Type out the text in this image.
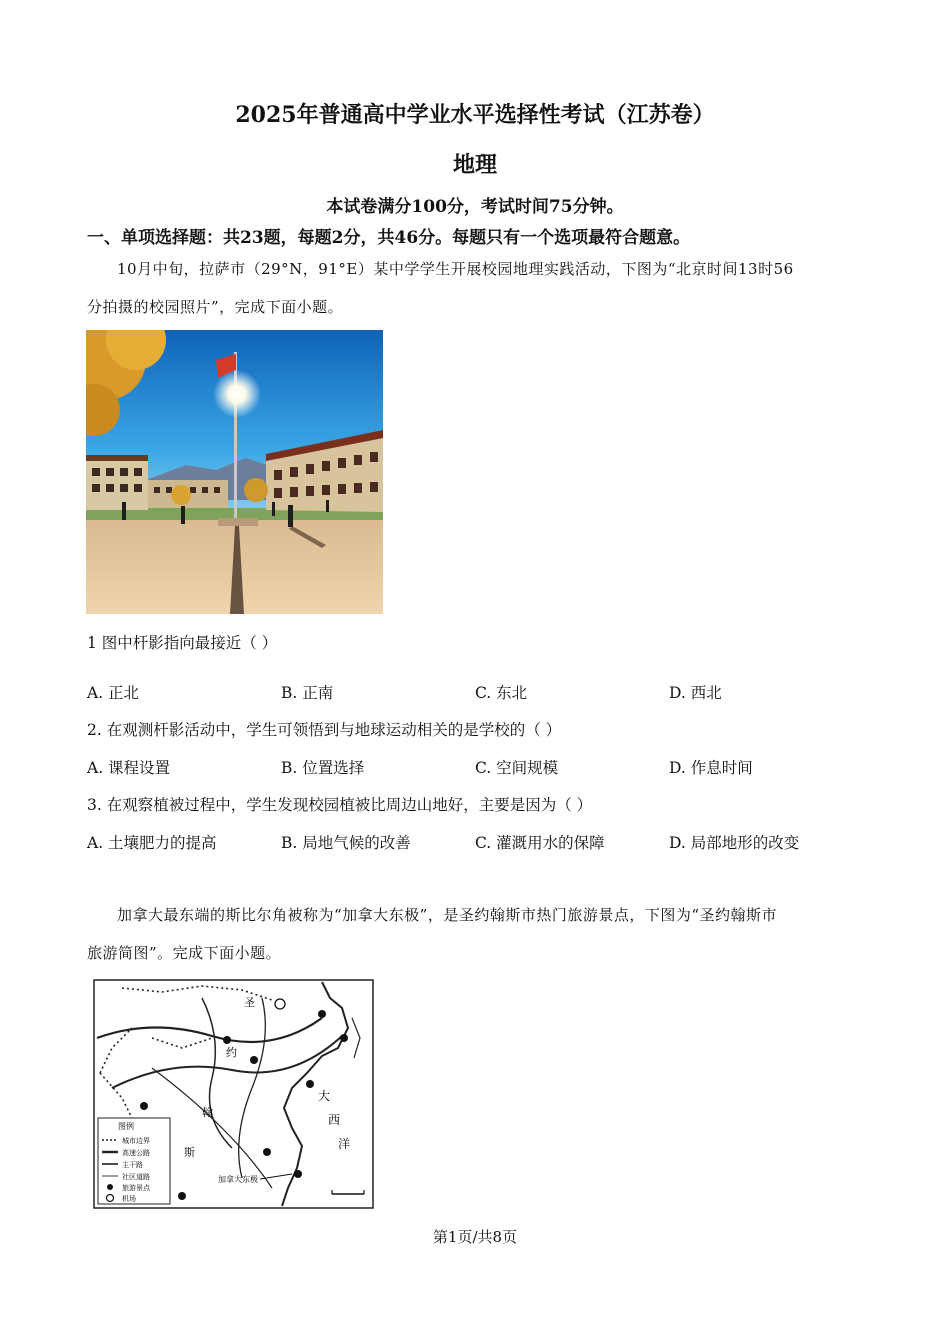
2025年普通高中学业水平选择性考试（江苏卷）
地理
本试卷满分100分，考试时间75分钟。
一、单项选择题：共23题，每题2分，共46分。每题只有一个选项最符合题意。
10月中旬，拉萨市（29°N，91°E）某中学学生开展校园地理实践活动，下图为“北京时间13时56
分拍摄的校园照片”，完成下面小题。
1 图中杆影指向最接近（ ）
A. 正北	B. 正南	C. 东北	D. 西北
2. 在观测杆影活动中，学生可领悟到与地球运动相关的是学校的（ ）
A. 课程设置	B. 位置选择	C. 空间规模	D. 作息时间
3. 在观察植被过程中，学生发现校园植被比周边山地好，主要是因为（ ）
A. 土壤肥力的提高	B. 局地气候的改善	C. 灌溉用水的保障	D. 局部地形的改变
加拿大最东端的斯比尔角被称为“加拿大东极”，是圣约翰斯市热门旅游景点，下图为“圣约翰斯市
旅游简图”。完成下面小题。
图例
城市边界
高速公路
主干路
社区道路
旅游景点
机场
圣
约
翰
斯
大
西
洋
加拿大东极
第1页/共8页
